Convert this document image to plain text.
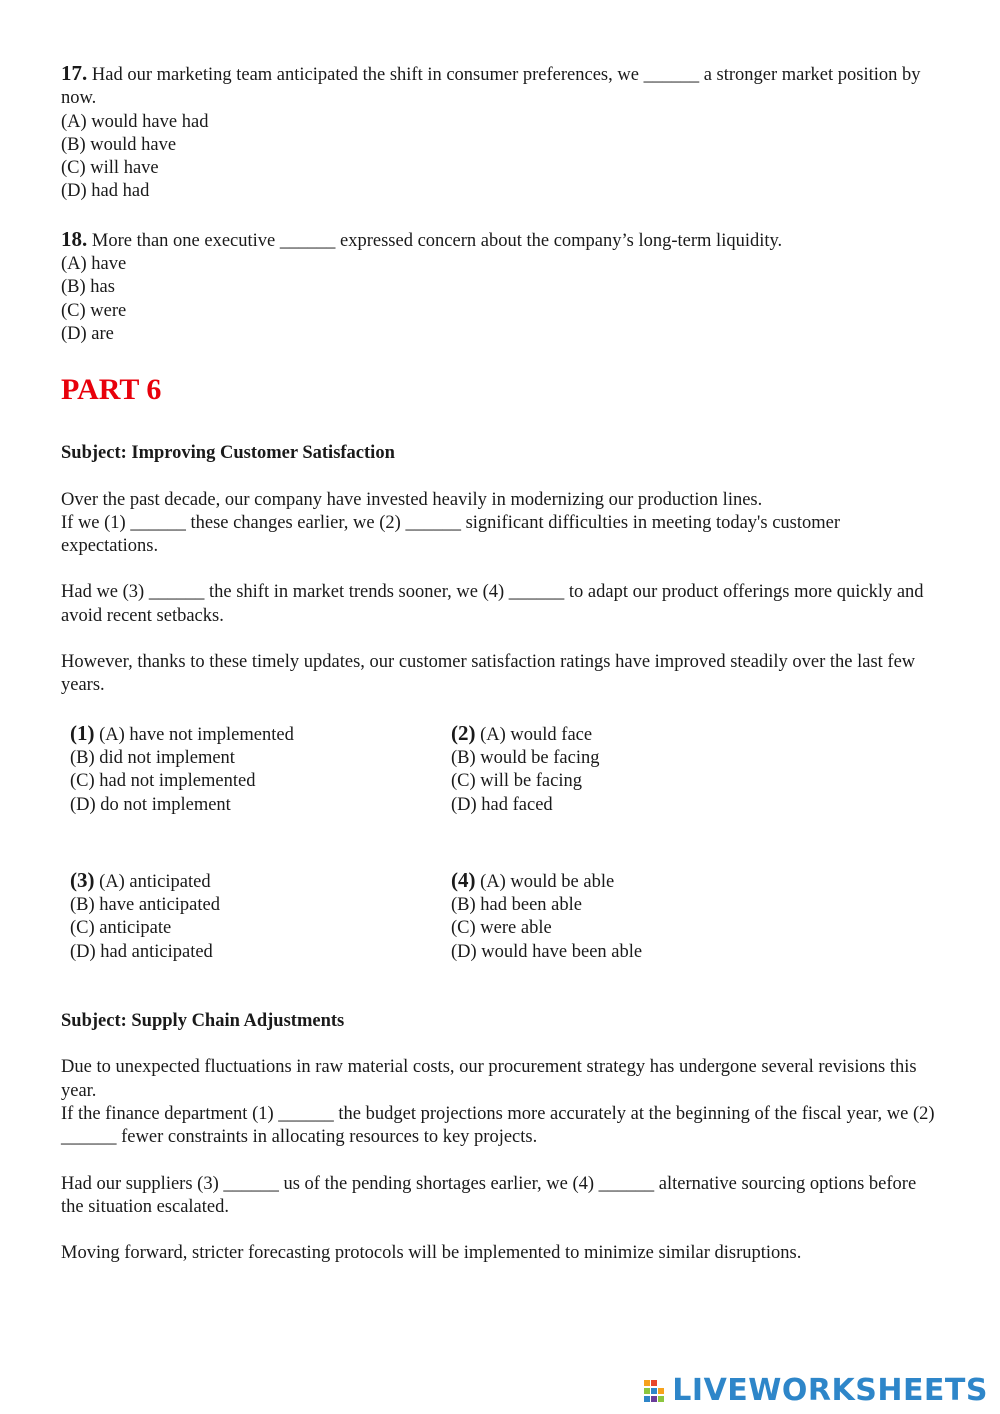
17. Had our marketing team anticipated the shift in consumer preferences, we ______ a stronger market position by now.
(A) would have had
(B) would have
(C) will have
(D) had had
18. More than one executive ______ expressed concern about the company’s long-term liquidity.
(A) have
(B) has
(C) were
(D) are
PART 6
Subject: Improving Customer Satisfaction
Over the past decade, our company have invested heavily in modernizing our production lines.
If we (1) ______ these changes earlier, we (2) ______ significant difficulties in meeting today's customer expectations.
Had we (3) ______ the shift in market trends sooner, we (4) ______ to adapt our product offerings more quickly and avoid recent setbacks.
However, thanks to these timely updates, our customer satisfaction ratings have improved steadily over the last few years.
(1) (A) have not implemented
(B) did not implement
(C) had not implemented
(D) do not implement
(2) (A) would face
(B) would be facing
(C) will be facing
(D) had faced
(3) (A) anticipated
(B) have anticipated
(C) anticipate
(D) had anticipated
(4) (A) would be able
(B) had been able
(C) were able
(D) would have been able
Subject: Supply Chain Adjustments
Due to unexpected fluctuations in raw material costs, our procurement strategy has undergone several revisions this year.
If the finance department (1) ______ the budget projections more accurately at the beginning of the fiscal year, we (2) ______ fewer constraints in allocating resources to key projects.
Had our suppliers (3) ______ us of the pending shortages earlier, we (4) ______ alternative sourcing options before the situation escalated.
Moving forward, stricter forecasting protocols will be implemented to minimize similar disruptions.
LIVEWORKSHEETS
